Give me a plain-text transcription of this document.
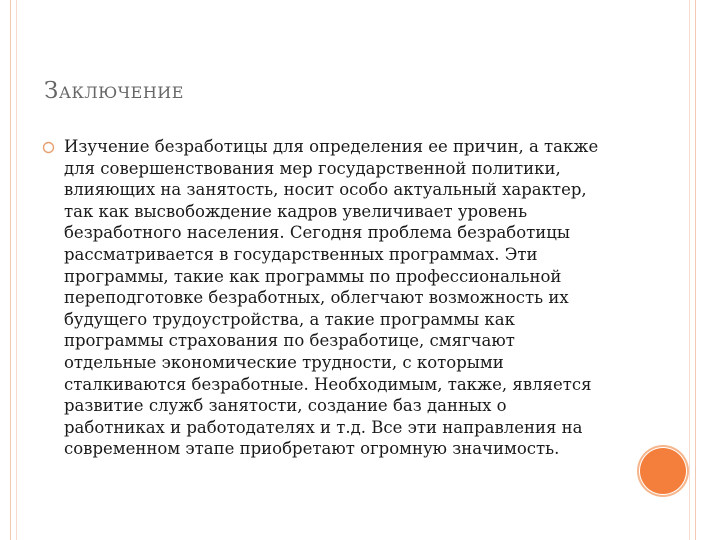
Заключение
Изучение безработицы для определения ее причин, а также для совершенствования мер государственной политики, влияющих на занятость, носит особо актуальный характер, так как высвобождение кадров увеличивает уровень безработного населения. Сегодня проблема безработицы рассматривается в государственных программах. Эти программы, такие как программы по профессиональной переподготовке безработных, облегчают возможность их будущего трудоустройства, а такие программы как программы страхования по безработице, смягчают отдельные экономические трудности, с которыми сталкиваются безработные. Необходимым, также, является развитие служб занятости, создание баз данных о работниках и работодателях и т.д. Все эти направления на современном этапе приобретают огромную значимость.
